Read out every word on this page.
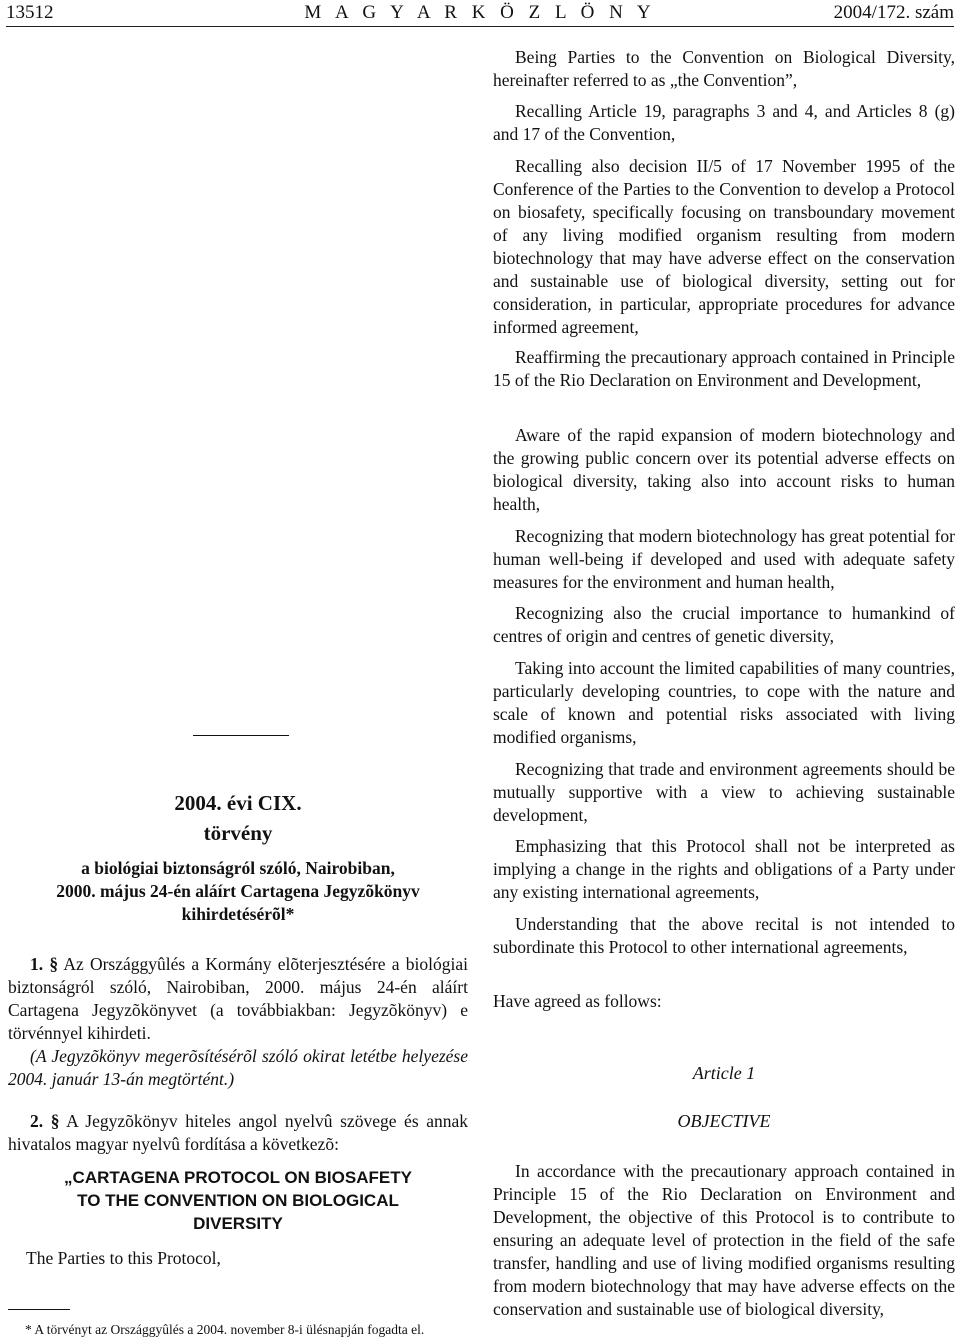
13512	M A G Y A R K Ö Z L Ö N Y	2004/172. szám
2004. évi CIX.
törvény
a biológiai biztonságról szóló, Nairobiban,
2000. május 24-én aláírt Cartagena Jegyzõkönyv
kihirdetésérõl*

1. § Az Országgyûlés a Kormány elõterjesztésére a biológiai biztonságról szóló, Nairobiban, 2000. május 24-én aláírt Cartagena Jegyzõkönyvet (a továbbiakban: Jegyzõkönyv) e törvénnyel kihirdeti.

(A Jegyzõkönyv megerõsítésérõl szóló okirat letétbe helyezése 2004. január 13-án megtörtént.)

2. § A Jegyzõkönyv hiteles angol nyelvû szövege és annak hivatalos magyar nyelvû fordítása a következõ:

„CARTAGENA PROTOCOL ON BIOSAFETY
TO THE CONVENTION ON BIOLOGICAL
DIVERSITY
The Parties to this Protocol,
* A törvényt az Országgyûlés a 2004. november 8-i ülésnapján fogadta el.
Being Parties to the Convention on Biological Diversity, hereinafter referred to as „the Convention”,
Recalling Article 19, paragraphs 3 and 4, and Articles 8 (g) and 17 of the Convention,
Recalling also decision II/5 of 17 November 1995 of the Conference of the Parties to the Convention to develop a Protocol on biosafety, specifically focusing on transboundary movement of any living modified organism resulting from modern biotechnology that may have adverse effect on the conservation and sustainable use of biological diversity, setting out for consideration, in particular, appropriate procedures for advance informed agreement,
Reaffirming the precautionary approach contained in Principle 15 of the Rio Declaration on Environment and Development,
Aware of the rapid expansion of modern biotechnology and the growing public concern over its potential adverse effects on biological diversity, taking also into account risks to human health,
Recognizing that modern biotechnology has great potential for human well-being if developed and used with adequate safety measures for the environment and human health,
Recognizing also the crucial importance to humankind of centres of origin and centres of genetic diversity,
Taking into account the limited capabilities of many countries, particularly developing countries, to cope with the nature and scale of known and potential risks associated with living modified organisms,
Recognizing that trade and environment agreements should be mutually supportive with a view to achieving sustainable development,
Emphasizing that this Protocol shall not be interpreted as implying a change in the rights and obligations of a Party under any existing international agreements,
Understanding that the above recital is not intended to subordinate this Protocol to other international agreements,
Have agreed as follows:
Article 1
OBJECTIVE
In accordance with the precautionary approach contained in Principle 15 of the Rio Declaration on Environment and Development, the objective of this Protocol is to contribute to ensuring an adequate level of protection in the field of the safe transfer, handling and use of living modified organisms resulting from modern biotechnology that may have adverse effects on the conservation and sustainable use of biological diversity,
